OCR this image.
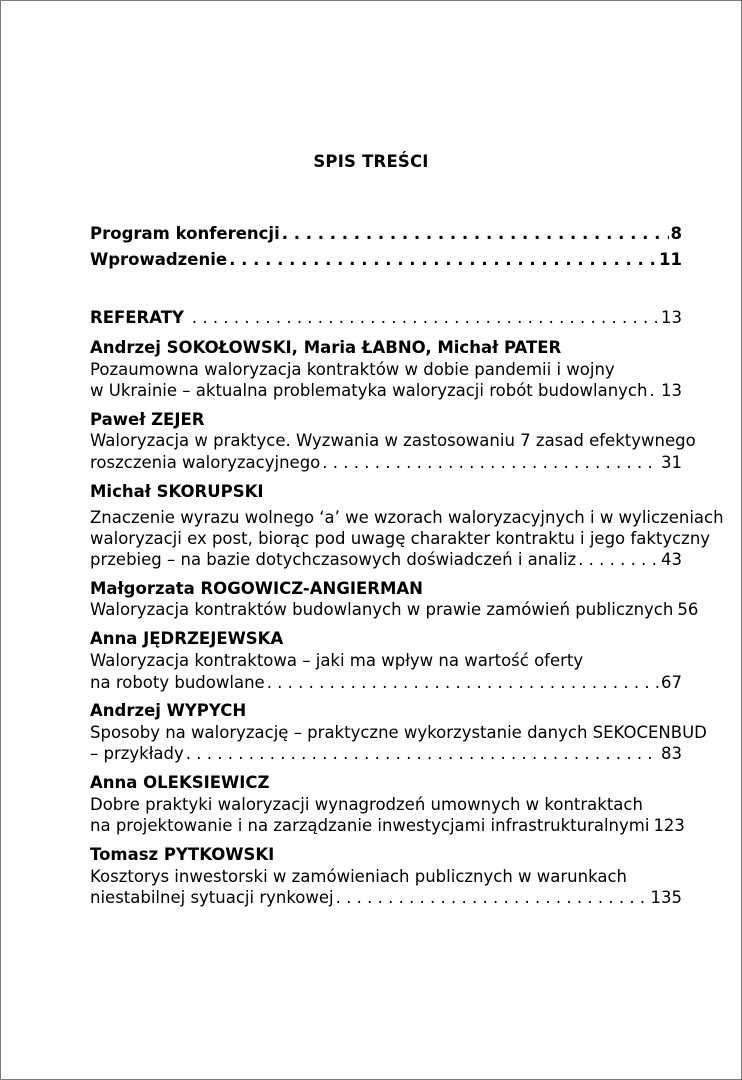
SPIS TREŚCI
Program konferencji . . .	8
Wprowadzenie . . .	11
REFERATY . . .	13
Andrzej SOKOŁOWSKI, Maria ŁABNO, Michał PATER
Pozaumowna waloryzacja kontraktów w dobie pandemii i wojny
w Ukrainie – aktualna problematyka waloryzacji robót budowlanych . . . 13
Paweł ZEJER
Waloryzacja w praktyce. Wyzwania w zastosowaniu 7 zasad efektywnego
roszczenia waloryzacyjnego . . .	31
Michał SKORUPSKI
Znaczenie wyrazu wolnego ‘a’ we wzorach waloryzacyjnych i w wyliczeniach
waloryzacji ex post, biorąc pod uwagę charakter kontraktu i jego faktyczny
przebieg – na bazie dotychczasowych doświadczeń i analiz . . .	43
Małgorzata ROGOWICZ-ANGIERMAN
Waloryzacja kontraktów budowlanych w prawie zamówień publicznych 56
Anna JĘDRZEJEWSKA
Waloryzacja kontraktowa – jaki ma wpływ na wartość oferty
na roboty budowlane . . .	67
Andrzej WYPYCH
Sposoby na waloryzację – praktyczne wykorzystanie danych SEKOCENBUD
– przykłady . . .	83
Anna OLEKSIEWICZ
Dobre praktyki waloryzacji wynagrodzeń umownych w kontraktach
na projektowanie i na zarządzanie inwestycjami infrastrukturalnymi 123
Tomasz PYTKOWSKI
Kosztorys inwestorski w zamówieniach publicznych w warunkach
niestabilnej sytuacji rynkowej . . .	135
